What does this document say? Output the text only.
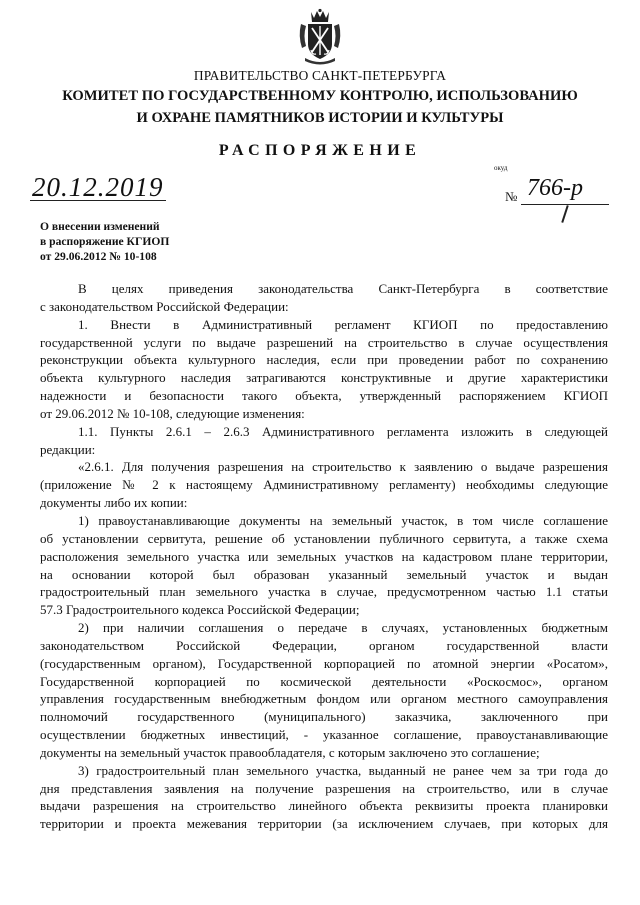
ПРАВИТЕЛЬСТВО САНКТ-ПЕТЕРБУРГА
КОМИТЕТ ПО ГОСУДАРСТВЕННОМУ КОНТРОЛЮ, ИСПОЛЬЗОВАНИЮ
И ОХРАНЕ ПАМЯТНИКОВ ИСТОРИИ И КУЛЬТУРЫ
РАСПОРЯЖЕНИЕ
окуд
20.12.2019	№ 766-р
О внесении изменений
в распоряжение КГИОП
от 29.06.2012 № 10-108
В целях приведения законодательства Санкт-Петербурга в соответствие
с законодательством Российской Федерации:
1. Внести в Административный регламент КГИОП по предоставлению
государственной услуги по выдаче разрешений на строительство в случае осуществления
реконструкции объекта культурного наследия, если при проведении работ по сохранению
объекта культурного наследия затрагиваются конструктивные и другие характеристики
надежности и безопасности такого объекта, утвержденный распоряжением КГИОП
от 29.06.2012 № 10-108, следующие изменения:
1.1. Пункты 2.6.1 – 2.6.3 Административного регламента изложить в следующей
редакции:
«2.6.1. Для получения разрешения на строительство к заявлению о выдаче разрешения
(приложение № 2 к настоящему Административному регламенту) необходимы следующие
документы либо их копии:
1) правоустанавливающие документы на земельный участок, в том числе соглашение
об установлении сервитута, решение об установлении публичного сервитута, а также схема
расположения земельного участка или земельных участков на кадастровом плане территории,
на основании которой был образован указанный земельный участок и выдан
градостроительный план земельного участка в случае, предусмотренном частью 1.1 статьи
57.3 Градостроительного кодекса Российской Федерации;
2) при наличии соглашения о передаче в случаях, установленных бюджетным
законодательством Российской Федерации, органом государственной власти
(государственным органом), Государственной корпорацией по атомной энергии «Росатом»,
Государственной корпорацией по космической деятельности «Роскосмос», органом
управления государственным внебюджетным фондом или органом местного самоуправления
полномочий государственного (муниципального) заказчика, заключенного при
осуществлении бюджетных инвестиций, - указанное соглашение, правоустанавливающие
документы на земельный участок правообладателя, с которым заключено это соглашение;
3) градостроительный план земельного участка, выданный не ранее чем за три года до
дня представления заявления на получение разрешения на строительство, или в случае
выдачи разрешения на строительство линейного объекта реквизиты проекта планировки
территории и проекта межевания территории (за исключением случаев, при которых для
